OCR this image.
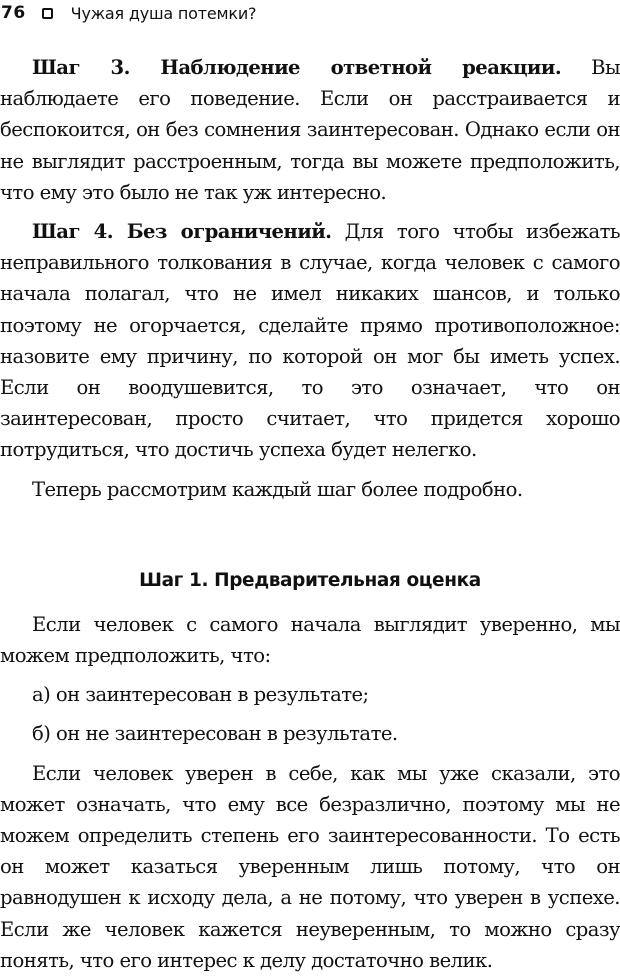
76	Чужая душа потемки?

Шаг 3. Наблюдение ответной реакции. Вы наблюдаете его поведение. Если он расстраивается и беспокоится, он без сомнения заинтересован. Однако если он не выглядит расстроенным, тогда вы можете предположить, что ему это было не так уж интересно.

Шаг 4. Без ограничений. Для того чтобы избежать неправильного толкования в случае, когда человек с самого начала полагал, что не имел никаких шансов, и только поэтому не огорчается, сделайте прямо противоположное: назовите ему причину, по которой он мог бы иметь успех. Если он воодушевится, то это означает, что он заинтересован, просто считает, что придется хорошо потрудиться, что достичь успеха будет нелегко.

Теперь рассмотрим каждый шаг более подробно.

Шаг 1. Предварительная оценка

Если человек с самого начала выглядит уверенно, мы можем предположить, что:

а) он заинтересован в результате;

б) он не заинтересован в результате.

Если человек уверен в себе, как мы уже сказали, это может означать, что ему все безразлично, поэтому мы не можем определить степень его заинтересованности. То есть он может казаться уверенным лишь потому, что он равнодушен к исходу дела, а не потому, что уверен в успехе. Если же человек кажется неуверенным, то можно сразу понять, что его интерес к делу достаточно велик.
